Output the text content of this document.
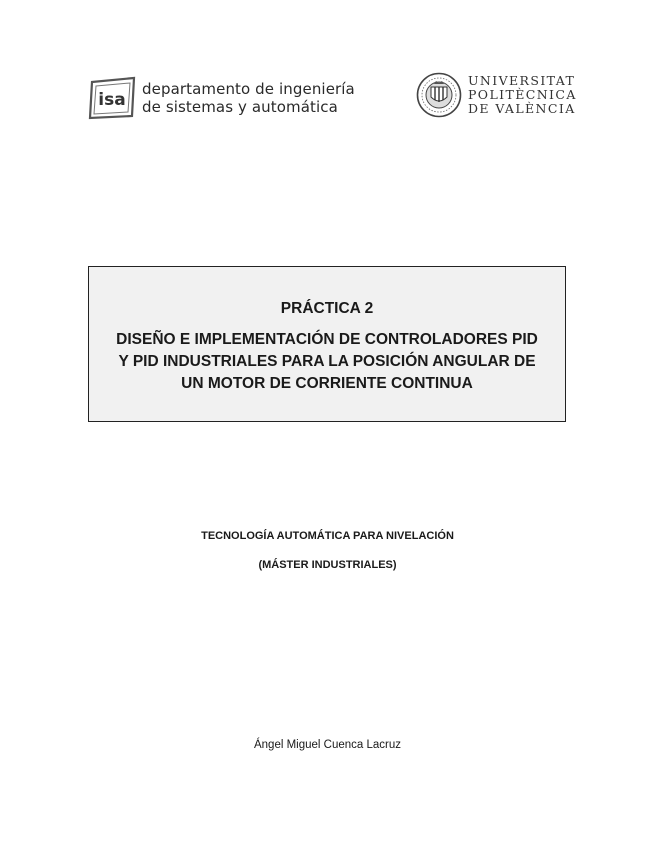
isa
departamento de ingeniería
de sistemas y automática
UNIVERSITAT
POLITÈCNICA
DE VALÈNCIA
PRÁCTICA 2
DISEÑO E IMPLEMENTACIÓN DE CONTROLADORES PID
Y PID INDUSTRIALES PARA LA POSICIÓN ANGULAR DE
UN MOTOR DE CORRIENTE CONTINUA
TECNOLOGÍA AUTOMÁTICA PARA NIVELACIÓN
(MÁSTER INDUSTRIALES)
Ángel Miguel Cuenca Lacruz
